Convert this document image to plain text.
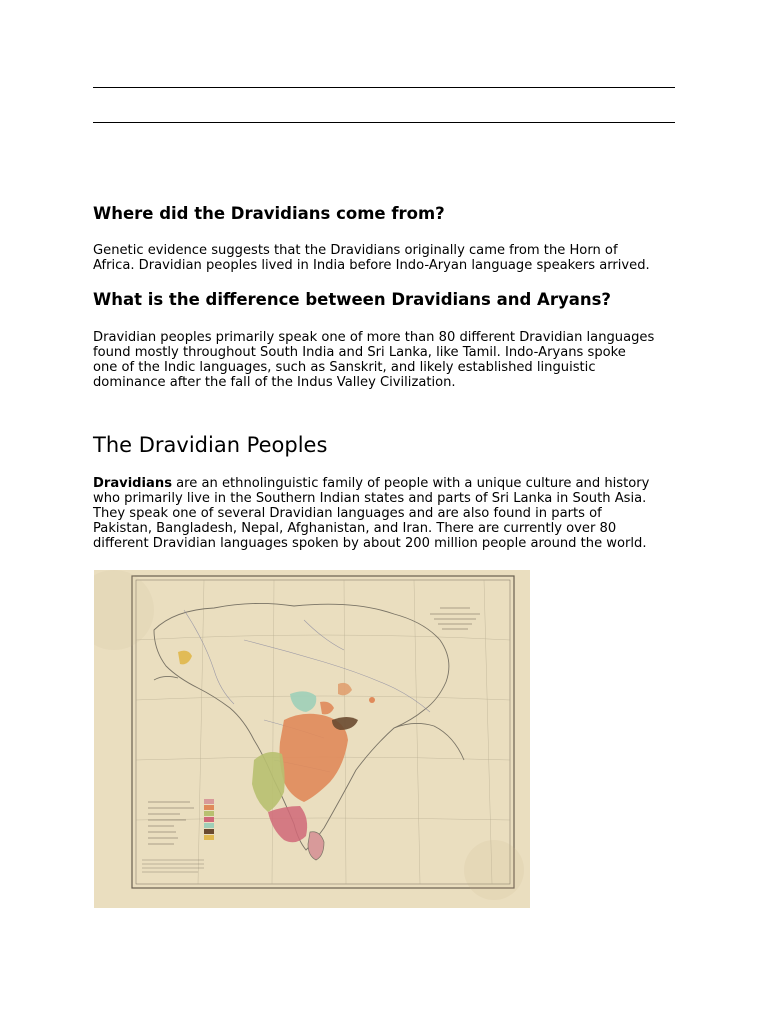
Where did the Dravidians come from?

Genetic evidence suggests that the Dravidians originally came from the Horn of
Africa. Dravidian peoples lived in India before Indo-Aryan language speakers arrived.

What is the difference between Dravidians and Aryans?

Dravidian peoples primarily speak one of more than 80 different Dravidian languages
found mostly throughout South India and Sri Lanka, like Tamil. Indo-Aryans spoke
one of the Indic languages, such as Sanskrit, and likely established linguistic
dominance after the fall of the Indus Valley Civilization.

The Dravidian Peoples

Dravidians are an ethnolinguistic family of people with a unique culture and history
who primarily live in the Southern Indian states and parts of Sri Lanka in South Asia.
They speak one of several Dravidian languages and are also found in parts of
Pakistan, Bangladesh, Nepal, Afghanistan, and Iran. There are currently over 80
different Dravidian languages spoken by about 200 million people around the world.
